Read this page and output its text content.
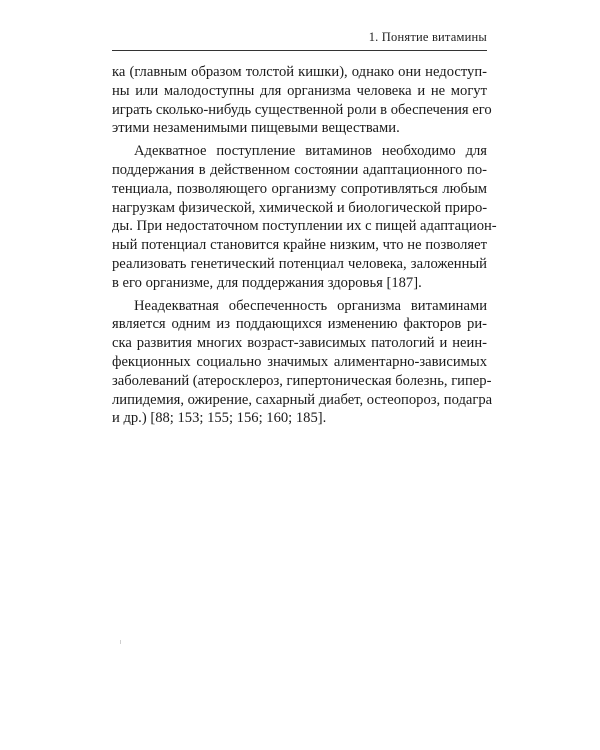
1. Понятие витамины

ка (главным образом толстой кишки), однако они недоступ-
ны или малодоступны для организма человека и не могут
играть сколько-нибудь существенной роли в обеспечения его
этими незаменимыми пищевыми веществами.

Адекватное поступление витаминов необходимо для
поддержания в действенном состоянии адаптационного по-
тенциала, позволяющего организму сопротивляться любым
нагрузкам физической, химической и биологической приро-
ды. При недостаточном поступлении их с пищей адаптацион-
ный потенциал становится крайне низким, что не позволяет
реализовать генетический потенциал человека, заложенный
в его организме, для поддержания здоровья [187].

Неадекватная обеспеченность организма витаминами
является одним из поддающихся изменению факторов ри-
ска развития многих возраст-зависимых патологий и неин-
фекционных социально значимых алиментарно-зависимых
заболеваний (атеросклероз, гипертоническая болезнь, гипер-
липидемия, ожирение, сахарный диабет, остеопороз, подагра
и др.) [88; 153; 155; 156; 160; 185].
